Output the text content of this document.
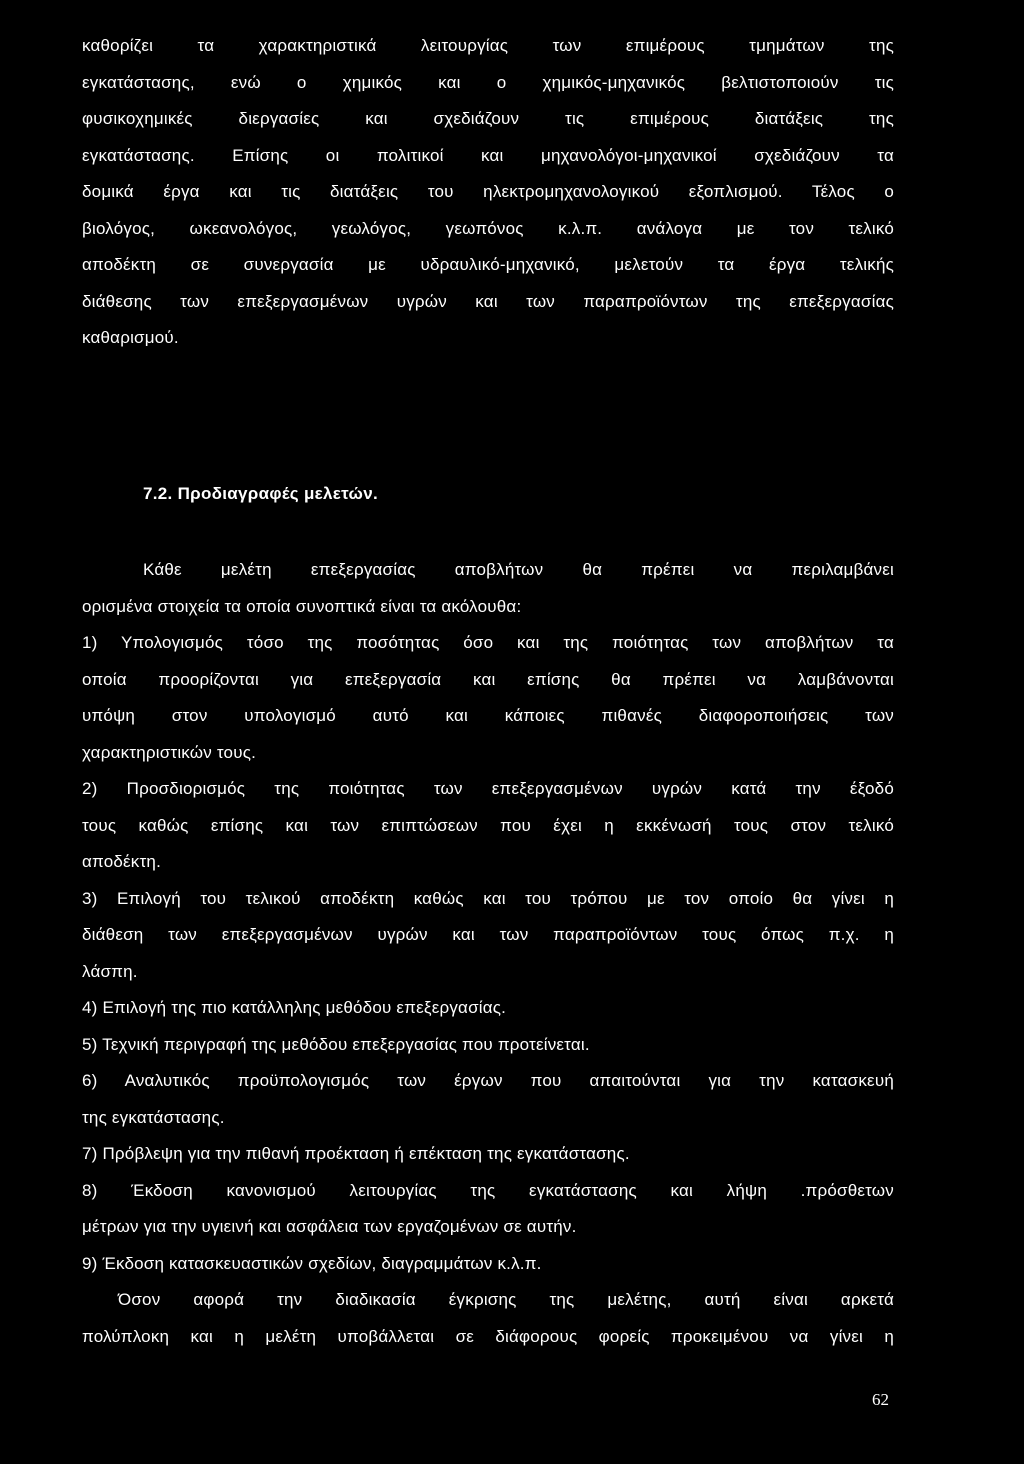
καθορίζει τα χαρακτηριστικά λειτουργίας των επιμέρους τμημάτων της
εγκατάστασης, ενώ ο χημικός και ο χημικός-μηχανικός βελτιστοποιούν τις
φυσικοχημικές διεργασίες και σχεδιάζουν τις επιμέρους διατάξεις της
εγκατάστασης. Επίσης οι πολιτικοί και μηχανολόγοι-μηχανικοί σχεδιάζουν τα
δομικά έργα και τις διατάξεις του ηλεκτρομηχανολογικού εξοπλισμού. Τέλος ο
βιολόγος, ωκεανολόγος, γεωλόγος, γεωπόνος κ.λ.π. ανάλογα με τον τελικό
αποδέκτη σε συνεργασία με υδραυλικό-μηχανικό, μελετούν τα έργα τελικής
διάθεσης των επεξεργασμένων υγρών και των παραπροϊόντων της επεξεργασίας
καθαρισμού.
7.2. Προδιαγραφές μελετών.
Κάθε μελέτη επεξεργασίας αποβλήτων θα πρέπει να περιλαμβάνει
ορισμένα στοιχεία τα οποία συνοπτικά είναι τα ακόλουθα:
1) Υπολογισμός τόσο της ποσότητας όσο και της ποιότητας των αποβλήτων τα
οποία προορίζονται για επεξεργασία και επίσης θα πρέπει να λαμβάνονται
υπόψη στον υπολογισμό αυτό και κάποιες πιθανές διαφοροποιήσεις των
χαρακτηριστικών τους.
2) Προσδιορισμός της ποιότητας των επεξεργασμένων υγρών κατά την έξοδό
τους καθώς επίσης και των επιπτώσεων που έχει η εκκένωσή τους στον τελικό
αποδέκτη.
3) Επιλογή του τελικού αποδέκτη καθώς και του τρόπου με τον οποίο θα γίνει η
διάθεση των επεξεργασμένων υγρών και των παραπροϊόντων τους όπως π.χ. η
λάσπη.
4) Επιλογή της πιο κατάλληλης μεθόδου επεξεργασίας.
5) Τεχνική περιγραφή της μεθόδου επεξεργασίας που προτείνεται.
6) Αναλυτικός προϋπολογισμός των έργων που απαιτούνται για την κατασκευή
της εγκατάστασης.
7) Πρόβλεψη για την πιθανή προέκταση ή επέκταση της εγκατάστασης.
8) Έκδοση κανονισμού λειτουργίας της εγκατάστασης και λήψη .πρόσθετων
μέτρων για την υγιεινή και ασφάλεια των εργαζομένων σε αυτήν.
9) Έκδοση κατασκευαστικών σχεδίων, διαγραμμάτων κ.λ.π.
Όσον αφορά την διαδικασία έγκρισης της μελέτης, αυτή είναι αρκετά
πολύπλοκη και η μελέτη υποβάλλεται σε διάφορους φορείς προκειμένου να γίνει η
62
